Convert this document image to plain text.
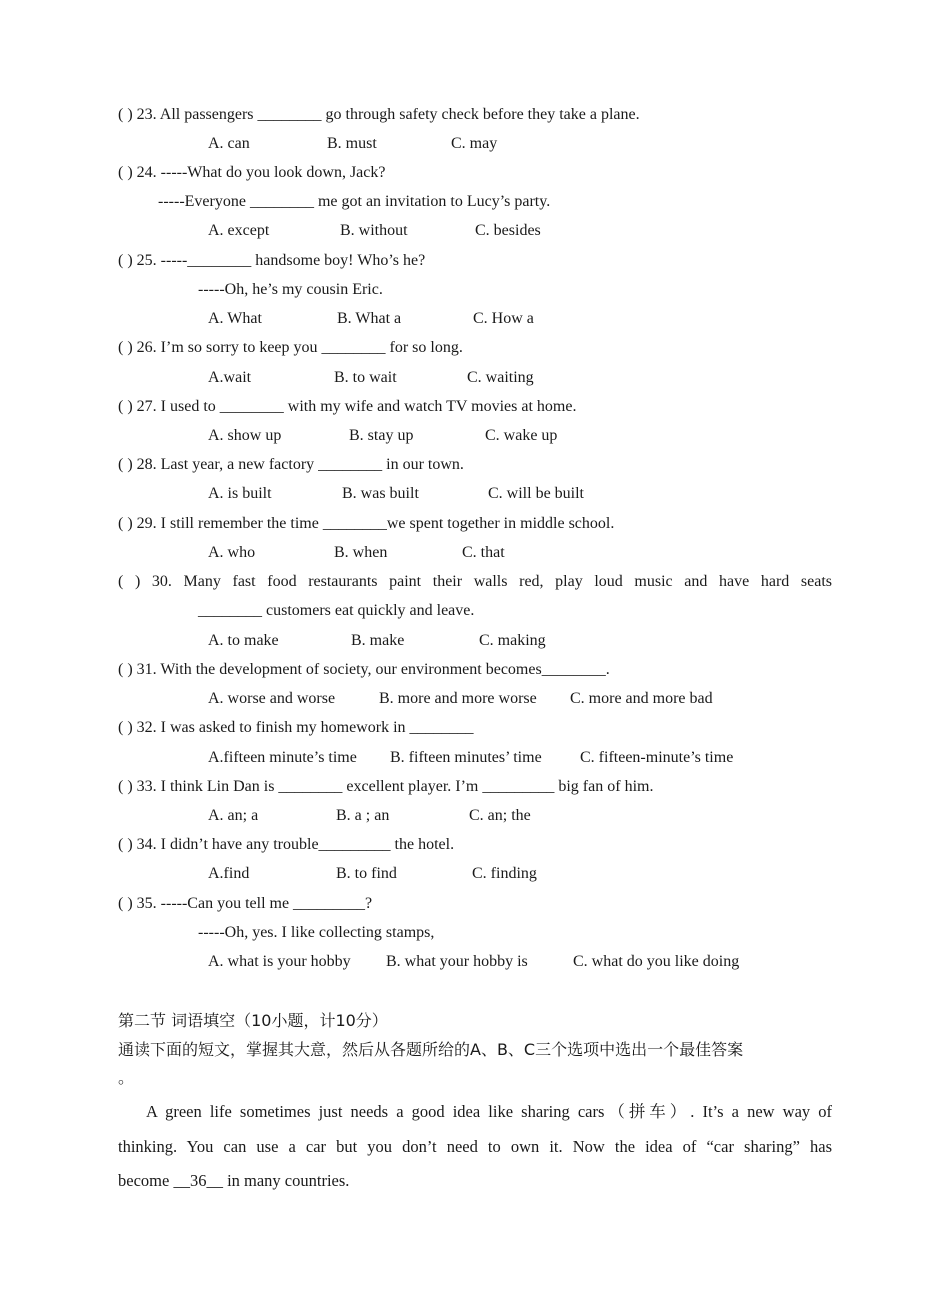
( ) 23. All passengers ________ go through safety check before they take a plane.
A. can	B. must	C. may
( ) 24. -----What do you look down, Jack?
-----Everyone ________ me got an invitation to Lucy’s party.
A. except	B. without	C. besides
( ) 25. -----________ handsome boy! Who’s he?
-----Oh, he’s my cousin Eric.
A. What	B. What a	C. How a
( ) 26. I’m so sorry to keep you ________ for so long.
A.wait	B. to wait	C. waiting
( ) 27. I used to ________ with my wife and watch TV movies at home.
A. show up	B. stay up	C. wake up
( ) 28. Last year, a new factory ________ in our town.
A. is built	B. was built	C. will be built
( ) 29. I still remember the time ________we spent together in middle school.
A. who	B. when	C. that
( ) 30. Many fast food restaurants paint their walls red, play loud music and have hard seats
________ customers eat quickly and leave.
A. to make	B. make	C. making
( ) 31. With the development of society, our environment becomes________.
A. worse and worse	B. more and more worse C. more and more bad
( ) 32. I was asked to finish my homework in ________
A.fifteen minute’s time B. fifteen minutes’ time C. fifteen-minute’s time
( ) 33. I think Lin Dan is ________ excellent player. I’m _________ big fan of him.
A. an; a	B. a ; an	C. an; the
( ) 34. I didn’t have any trouble_________ the hotel.
A.find	B. to find	C. finding
( ) 35. -----Can you tell me _________?
-----Oh, yes. I like collecting stamps,
A. what is your hobby B. what your hobby is	C. what do you like doing
第二节 词语填空（10小题，计10分）
通读下面的短文，掌握其大意，然后从各题所给的A、B、C三个选项中选出一个最佳答案
。
A green life sometimes just needs a good idea like sharing cars（拼车）. It’s a new way of
thinking. You can use a car but you don’t need to own it. Now the idea of “car sharing” has
become __36__ in many countries.
